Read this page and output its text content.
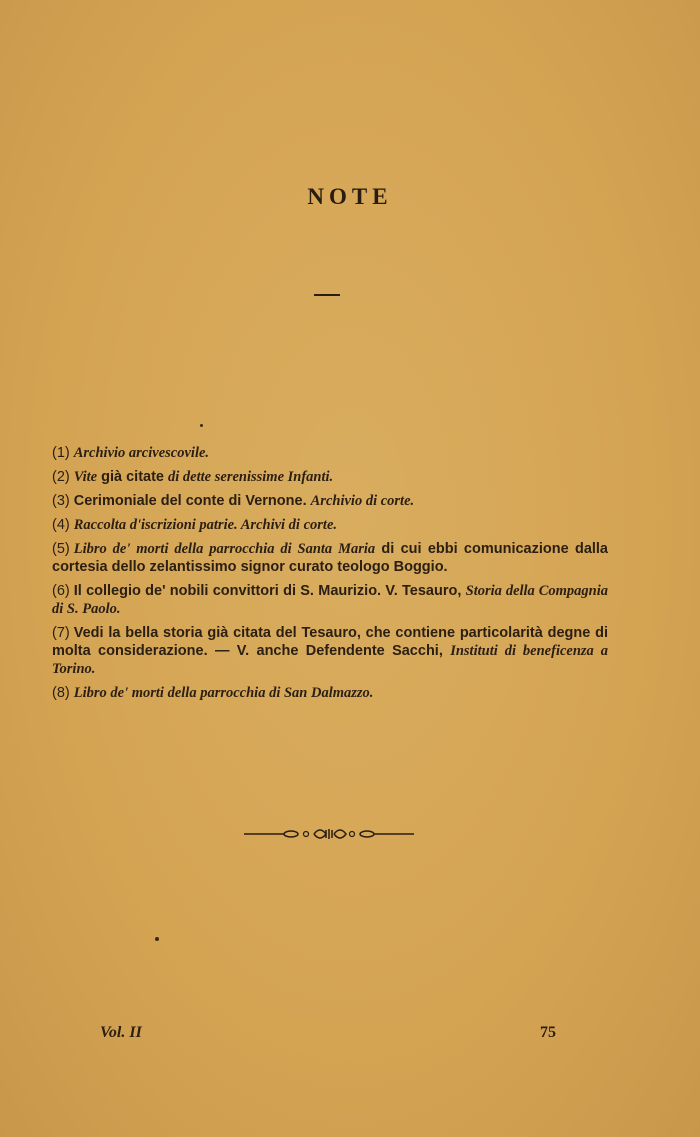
NOTE

(1) Archivio arcivescovile.

(2) Vite già citate di dette serenissime Infanti.

(3) Cerimoniale del conte di Vernone. Archivio di corte.

(4) Raccolta d'iscrizioni patrie. Archivi di corte.

(5) Libro de' morti della parrocchia di Santa Maria di cui ebbi comunicazione dalla cortesia dello zelantissimo signor curato teologo Boggio.

(6) Il collegio de' nobili convittori di S. Maurizio. V. Tesauro, Storia della Compagnia di S. Paolo.

(7) Vedi la bella storia già citata del Tesauro, che contiene particolarità degne di molta considerazione. — V. anche Defendente Sacchi, Instituti di beneficenza a Torino.

(8) Libro de' morti della parrocchia di San Dalmazzo.

Vol. II	75
